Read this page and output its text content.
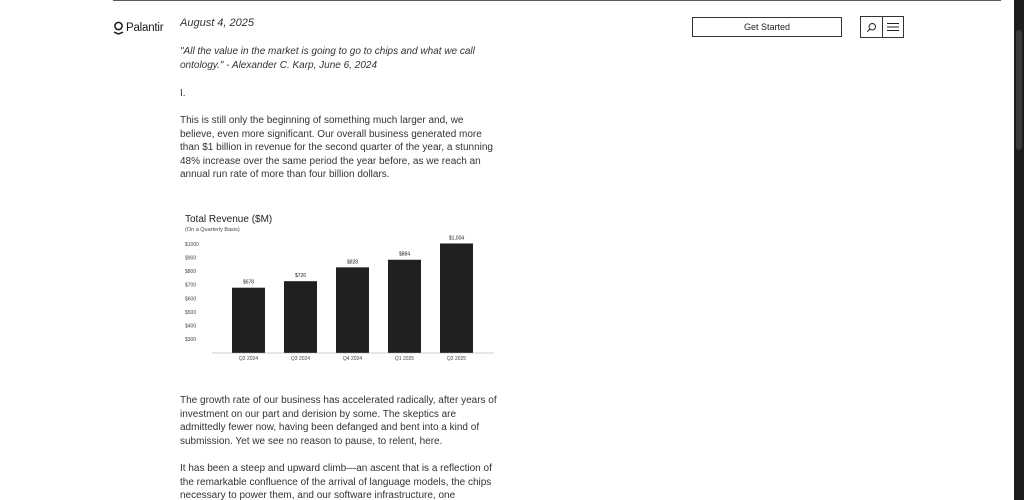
Palantir August 4, 2025	Get Started

"All the value in the market is going to go to chips and what we call ontology." - Alexander C. Karp, June 6, 2024

I.

This is still only the beginning of something much larger and, we believe, even more significant. Our overall business generated more than $1 billion in revenue for the second quarter of the year, a stunning 48% increase over the same period the year before, as we reach an annual run rate of more than four billion dollars.

Total Revenue ($M)
(On a Quarterly Basis)
$300
$400
$500
$600
$700
$800
$900
$1000
$678
Q2 2024
$726
Q3 2024
$828
Q4 2024
$884
Q1 2025
$1,004
Q2 2025

The growth rate of our business has accelerated radically, after years of investment on our part and derision by some. The skeptics are admittedly fewer now, having been defanged and bent into a kind of submission. Yet we see no reason to pause, to relent, here.

It has been a steep and upward climb—an ascent that is a reflection of the remarkable confluence of the arrival of language models, the chips necessary to power them, and our software infrastructure, one
